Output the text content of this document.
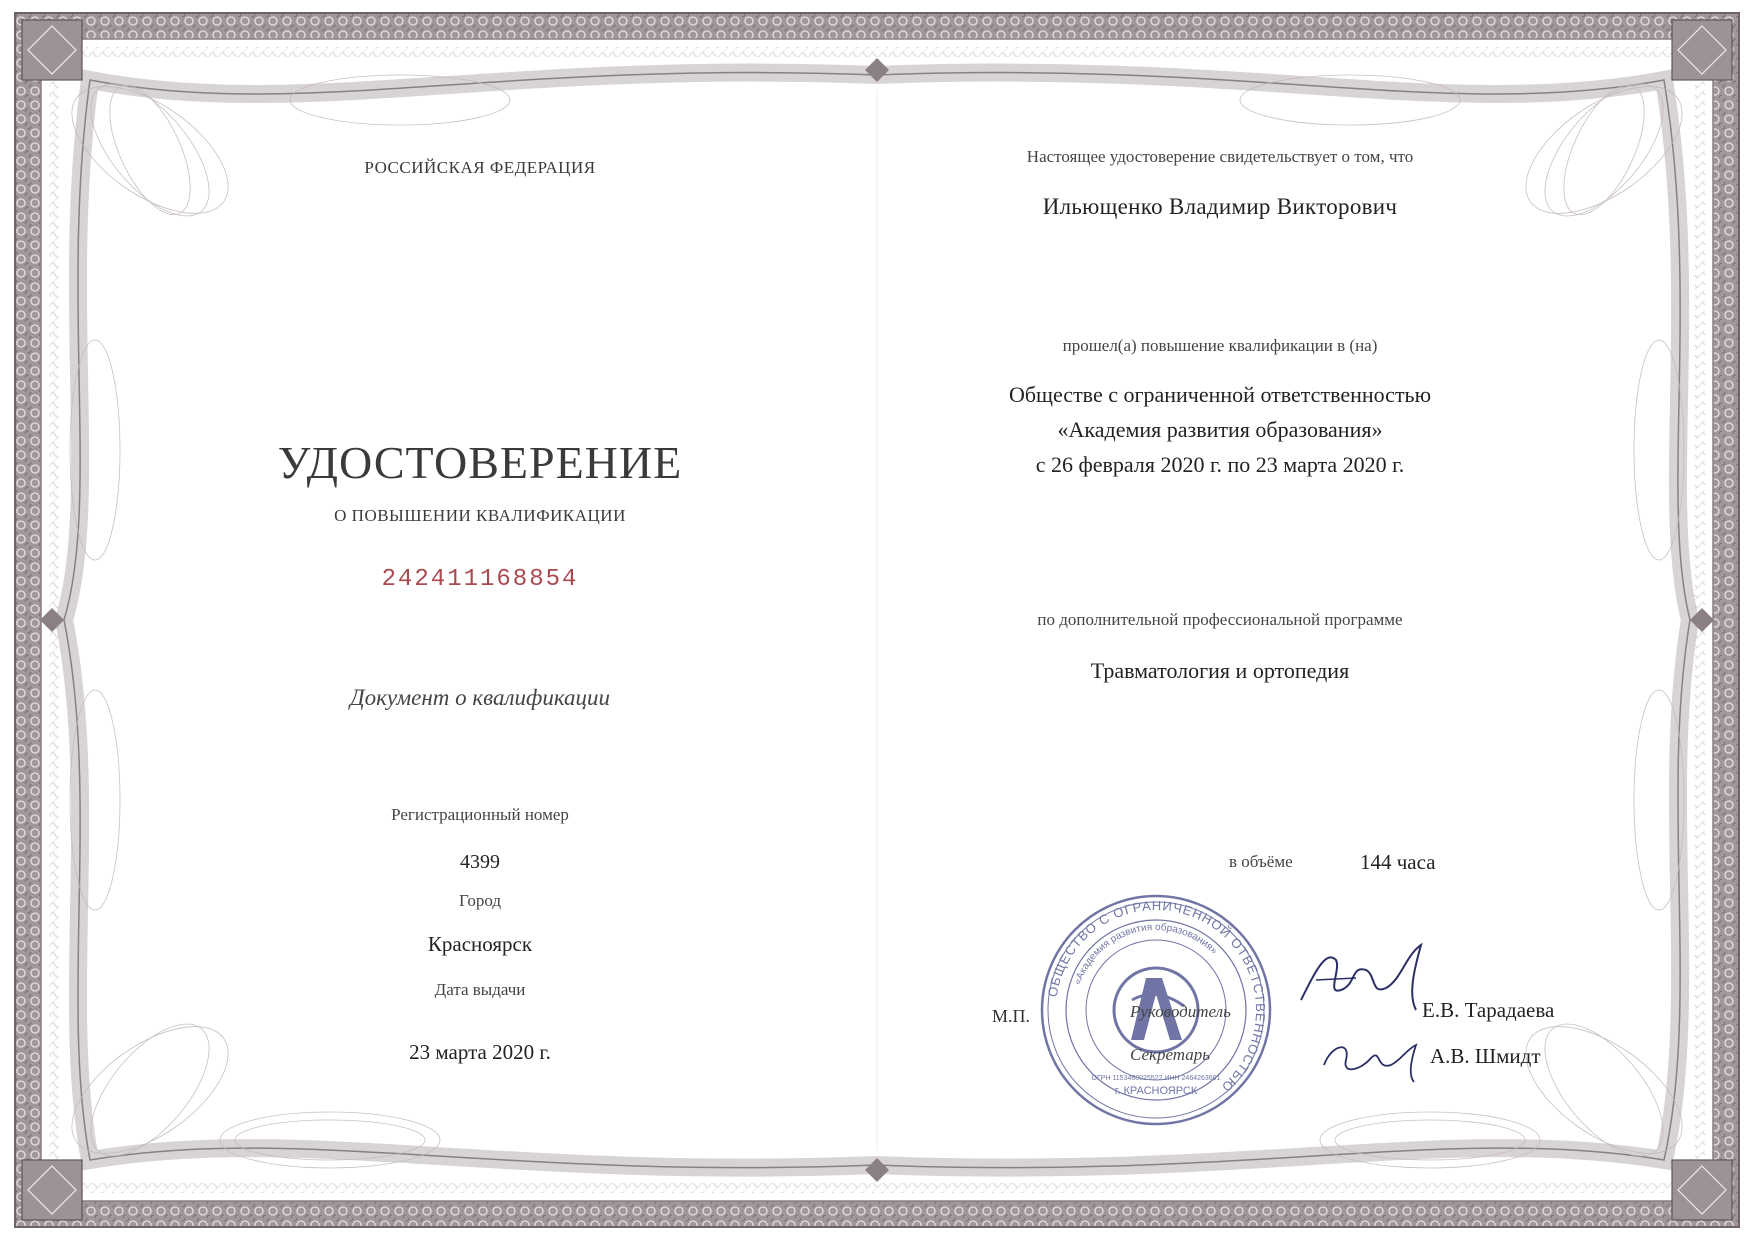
РОССИЙСКАЯ ФЕДЕРАЦИЯ
УДОСТОВЕРЕНИЕ
О ПОВЫШЕНИИ КВАЛИФИКАЦИИ
242411168854
Документ о квалификации
Регистрационный номер
4399
Город
Красноярск
Дата выдачи
23 марта 2020 г.
Настоящее удостоверение свидетельствует о том, что
Ильющенко Владимир Викторович
прошел(а) повышение квалификации в (на)
Обществе с ограниченной ответственностью
«Академия развития образования»
с 26 февраля 2020 г. по 23 марта 2020 г.
по дополнительной профессиональной программе
Травматология и ортопедия
в объёме	144 часа
ОБЩЕСТВО С ОГРАНИЧЕННОЙ ОТВЕТСТВЕННОСТЬЮ
«Академия развития образования»
г. КРАСНОЯРСК
ОГРН 1153468025522 ИНН 2464263601
М.П.	Руководитель
Секретарь
Е.В. Тарадаева
А.В. Шмидт
